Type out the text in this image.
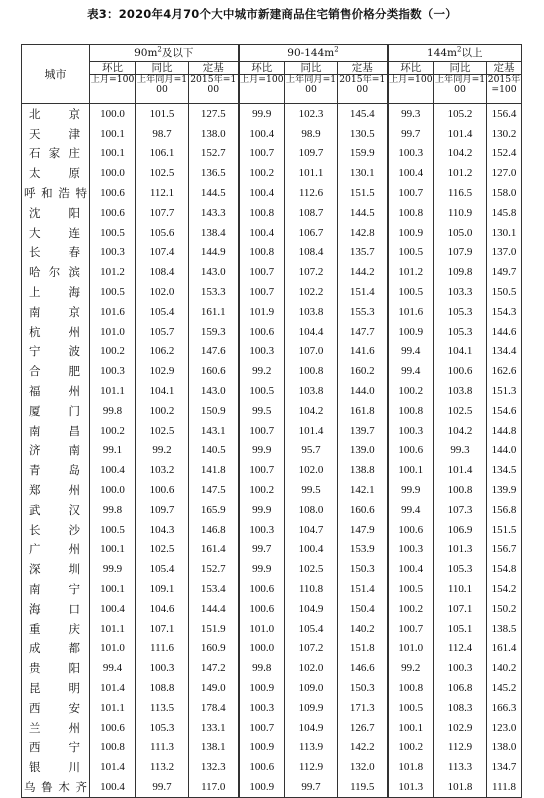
表3：2020年4月70个大中城市新建商品住宅销售价格分类指数（一）
城市	$90m^2$及以下			$90-144m^2$			$144m^2$以上		
	环比	同比	定基	环比	同比	定基	环比	同比	定基
	上月=100	上年同月=100	2015年=100	上月=100	上年同月=100	2015年=100	上月=100	上年同月=100	2015年=100
北京	100.0	101.5	127.5	99.9	102.3	145.4	99.3	105.2	156.4
天津	100.1	98.7	138.0	100.4	98.9	130.5	99.7	101.4	130.2
石家庄	100.1	106.1	152.7	100.7	109.7	159.9	100.3	104.2	152.4
太原	100.0	102.5	136.5	100.2	101.1	130.1	100.4	101.2	127.0
呼和浩特	100.6	112.1	144.5	100.4	112.6	151.5	100.7	116.5	158.0
沈阳	100.6	107.7	143.3	100.8	108.7	144.5	100.8	110.9	145.8
大连	100.5	105.6	138.4	100.4	106.7	142.8	100.9	105.0	130.1
长春	100.3	107.4	144.9	100.8	108.4	135.7	100.5	107.9	137.0
哈尔滨	101.2	108.4	143.0	100.7	107.2	144.2	101.2	109.8	149.7
上海	100.5	102.0	153.3	100.7	102.2	151.4	100.5	103.3	150.5
南京	101.6	105.4	161.1	101.9	103.8	155.3	101.6	105.3	154.3
杭州	101.0	105.7	159.3	100.6	104.4	147.7	100.9	105.3	144.6
宁波	100.2	106.2	147.6	100.3	107.0	141.6	99.4	104.1	134.4
合肥	100.3	102.9	160.6	99.2	100.8	160.2	99.4	100.6	162.6
福州	101.1	104.1	143.0	100.5	103.8	144.0	100.2	103.8	151.3
厦门	99.8	100.2	150.9	99.5	104.2	161.8	100.8	102.5	154.6
南昌	100.2	102.5	143.1	100.7	101.4	139.7	100.3	104.2	144.8
济南	99.1	99.2	140.5	99.9	95.7	139.0	100.6	99.3	144.0
青岛	100.4	103.2	141.8	100.7	102.0	138.8	100.1	101.4	134.5
郑州	100.0	100.6	147.5	100.2	99.5	142.1	99.9	100.8	139.9
武汉	99.8	109.7	165.9	99.9	108.0	160.6	99.4	107.3	156.8
长沙	100.5	104.3	146.8	100.3	104.7	147.9	100.6	106.9	151.5
广州	100.1	102.5	161.4	99.7	100.4	153.9	100.3	101.3	156.7
深圳	99.9	105.4	152.7	99.9	102.5	150.3	100.4	105.3	154.8
南宁	100.1	109.1	153.4	100.6	110.8	151.4	100.5	110.1	154.2
海口	100.4	104.6	144.4	100.6	104.9	150.4	100.2	107.1	150.2
重庆	101.1	107.1	151.9	101.0	105.4	140.2	100.7	105.1	138.5
成都	101.0	111.6	160.9	100.0	107.2	151.8	101.0	112.4	161.4
贵阳	99.4	100.3	147.2	99.8	102.0	146.6	99.2	100.3	140.2
昆明	101.4	108.8	149.0	100.9	109.0	150.3	100.8	106.8	145.2
西安	101.1	113.5	178.4	100.3	109.9	171.3	100.5	108.3	166.3
兰州	100.6	105.3	133.1	100.7	104.9	126.7	100.1	102.9	123.0
西宁	100.8	111.3	138.1	100.9	113.9	142.2	100.2	112.9	138.0
银川	101.4	113.2	132.3	100.6	112.9	132.0	101.8	113.3	134.7
乌鲁木齐	100.4	99.7	117.0	100.9	99.7	119.5	101.3	101.8	111.8
